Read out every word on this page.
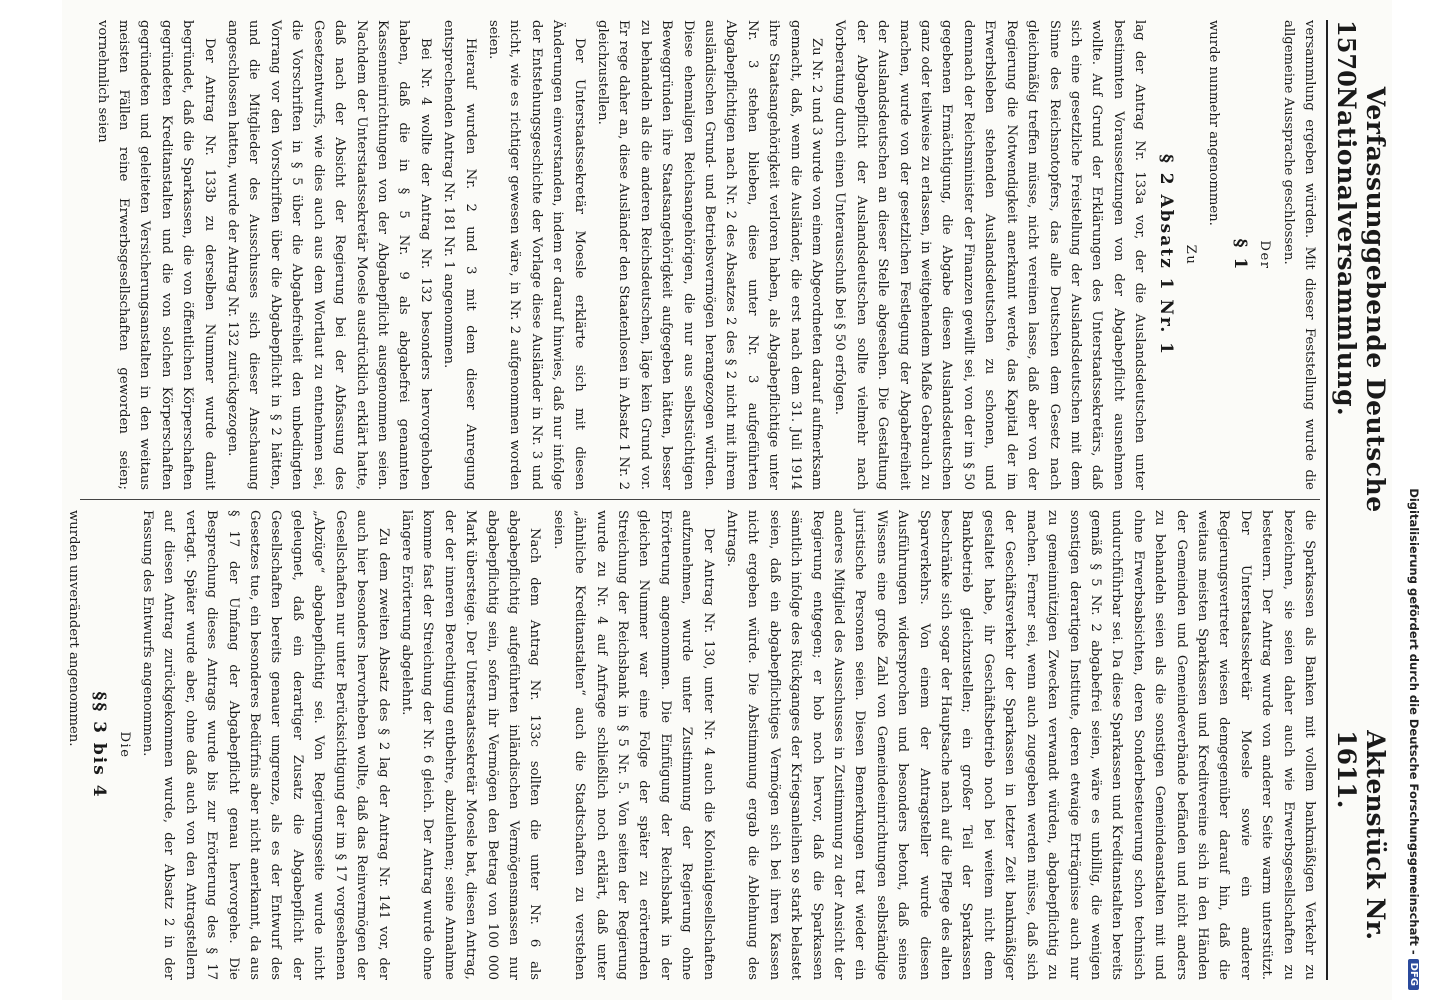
1570
Verfassunggebende Deutsche Nationalversammlung.
Aktenstück Nr. 1611.

versammlung ergeben würden. Mit dieser Feststellung wurde die allgemeine Aussprache geschlossen.

Der

§ 1

wurde nunmehr angenommen.

Zu

§ 2 Absatz 1 Nr. 1

lag der Antrag Nr. 133a vor, der die Auslandsdeutschen unter bestimmten Voraussetzungen von der Abgabepflicht ausnehmen wollte. Auf Grund der Erklärungen des Unterstaatssekretärs, daß sich eine gesetzliche Freistellung der Auslandsdeutschen mit dem Sinne des Reichsnotopfers, das alle Deutschen dem Gesetz nach gleichmäßig treffen müsse, nicht vereinen lasse, daß aber von der Regierung die Notwendigkeit anerkannt werde, das Kapital der im Erwerbsleben stehenden Auslandsdeutschen zu schonen, und demnach der Reichsminister der Finanzen gewillt sei, von der im § 50 gegebenen Ermächtigung, die Abgabe diesen Auslandsdeutschen ganz oder teilweise zu erlassen, in weitgehendem Maße Gebrauch zu machen, wurde von der gesetzlichen Festlegung der Abgabefreiheit der Auslandsdeutschen an dieser Stelle abgesehen. Die Gestaltung der Abgabepflicht der Auslandsdeutschen sollte vielmehr nach Vorberatung durch einen Unterausschuß bei § 50 erfolgen.

Zu Nr. 2 und 3 wurde von einem Abgeordneten darauf aufmerksam gemacht, daß, wenn die Ausländer, die erst nach dem 31. Juli 1914 ihre Staatsangehörigkeit verloren haben, als Abgabepflichtige unter Nr. 3 stehen blieben, diese unter Nr. 3 aufgeführten Abgabepflichtigen nach Nr. 2 des Absatzes 2 des § 2 nicht mit ihrem ausländischen Grund- und Betriebsvermögen herangezogen würden. Diese ehemaligen Reichsangehörigen, die nur aus selbstsüchtigen Beweggründen ihre Staatsangehörigkeit aufgegeben hätten, besser zu behandeln als die anderen Reichsdeutschen, läge kein Grund vor. Er rege daher an, diese Ausländer den Staatenlosen in Absatz 1 Nr. 2 gleichzustellen.

Der Unterstaatssekretär Moesle erklärte sich mit diesen Änderungen einverstanden, indem er darauf hinwies, daß nur infolge der Entstehungsgeschichte der Vorlage diese Ausländer in Nr. 3 und nicht, wie es richtiger gewesen wäre, in Nr. 2 aufgenommen worden seien.

Hierauf wurden Nr. 2 und 3 mit dem dieser Anregung entsprechenden Antrag Nr. 181 Nr. 1 angenommen.

Bei Nr. 4 wollte der Antrag Nr. 132 besonders hervorgehoben haben, daß die in § 5 Nr. 9 als abgabefrei genannten Kassenneinrichtungen von der Abgabepflicht ausgenommen seien. Nachdem der Unterstaatssekretär Moesle ausdrücklich erklärt hatte, daß nach der Absicht der Regierung bei der Abfassung des Gesetzentwurfs, wie dies auch aus dem Wortlaut zu entnehmen sei, die Vorschriften in § 5 über die Abgabefreiheit den unbedingten Vorrang vor den Vorschriften über die Abgabepflicht in § 2 hätten, und die Mitglieder des Ausschusses sich dieser Anschauung angeschlossen hatten, wurde der Antrag Nr. 132 zurückgezogen.

Der Antrag Nr. 133b zu derselben Nummer wurde damit begründet, daß die Sparkassen, die von öffentlichen Körperschaften gegründeten Kreditanstalten und die von solchen Körperschaften gegründeten und geleiteten Versicherungsanstalten in den weitaus meisten Fällen reine Erwerbsgesellschaften geworden seien; vornehmlich seien

die Sparkassen als Banken mit vollem bankmäßigen Verkehr zu bezeichnen, sie seien daher auch wie Erwerbsgesellschaften zu besteuern. Der Antrag wurde von anderer Seite warm unterstützt. Der Unterstaatssekretär Moesle sowie ein anderer Regierungsvertreter wiesen demgegenüber darauf hin, daß die weitaus meisten Sparkassen und Kreditvereine sich in den Händen der Gemeinden und Gemeindeverbände befänden und nicht anders zu behandeln seien als die sonstigen Gemeindeanstalten mit und ohne Erwerbsabsichten, deren Sonderbesteuerung schon technisch undurchführbar sei. Da diese Sparkassen und Kreditanstalten bereits gemäß § 5 Nr. 2 abgabefrei seien, wäre es unbillig, die wenigen sonstigen derartigen Institute, deren etwaige Erträgnisse auch nur zu gemeinnützigen Zwecken verwandt würden, abgabepflichtig zu machen. Ferner sei, wenn auch zugegeben werden müsse, daß sich der Geschäftsverkehr der Sparkassen in letzter Zeit bankmäßiger gestaltet habe, ihr Geschäftsbetrieb noch bei weitem nicht dem Bankbetrieb gleichzustellen; ein großer Teil der Sparkassen beschränke sich sogar der Hauptsache nach auf die Pflege des alten Sparverkehrs. Von einem der Antragsteller wurde diesen Ausführungen widersprochen und besonders betont, daß seines Wissens eine große Zahl von Gemeindeeinrichtungen selbständige juristische Personen seien. Diesen Bemerkungen trat wieder ein anderes Mitglied des Ausschusses in Zustimmung zu der Ansicht der Regierung entgegen; er hob noch hervor, daß die Sparkassen sämtlich infolge des Rückganges der Kriegsanleihen so stark belastet seien, daß ein abgabepflichtiges Vermögen sich bei ihren Kassen nicht ergeben würde. Die Abstimmung ergab die Ablehnung des Antrags.

Der Antrag Nr. 130, unter Nr. 4 auch die Kolonialgesellschaften aufzunehmen, wurde unter Zustimmung der Regierung ohne Erörterung angenommen. Die Einfügung der Reichsbank in der gleichen Nummer war eine Folge der später zu erörternden Streichung der Reichsbank in § 5 Nr. 5. Von seiten der Regierung wurde zu Nr. 4 auf Anfrage schließlich noch erklärt, daß unter „ähnliche Kreditanstalten“ auch die Stadtschaften zu verstehen seien.

Nach dem Antrag Nr. 133c sollten die unter Nr. 6 als abgabepflichtig aufgeführten inländischen Vermögensmassen nur abgabepflichtig sein, sofern ihr Vermögen den Betrag von 100 000 Mark übersteige. Der Unterstaatssekretär Moesle bat, diesen Antrag, der der inneren Berechtigung entbehre, abzulehnen; seine Annahme komme fast der Streichung der Nr. 6 gleich. Der Antrag wurde ohne längere Erörterung abgelehnt.

Zu dem zweiten Absatz des § 2 lag der Antrag Nr. 141 vor, der auch hier besonders hervorheben wollte, daß das Reinvermögen der Gesellschaften nur unter Berücksichtigung der im § 17 vorgesehenen „Abzüge“ abgabepflichtig sei. Von Regierungsseite wurde nicht geleugnet, daß ein derartiger Zusatz die Abgabepflicht der Gesellschaften bereits genauer umgrenze, als es der Entwurf des Gesetzes tue, ein besonderes Bedürfnis aber nicht anerkannt, da aus § 17 der Umfang der Abgabepflicht genau hervorgehe. Die Besprechung dieses Antrags wurde bis zur Erörterung des § 17 vertagt. Später wurde aber, ohne daß auch von den Antragstellern auf diesen Antrag zurückgekommen wurde, der Absatz 2 in der Fassung des Entwurfs angenommen.

Die

§§ 3 bis 4

wurden unverändert angenommen.	Digitalisierung gefördert durch die Deutsche Forschungsgemeinschaft -
DFG
